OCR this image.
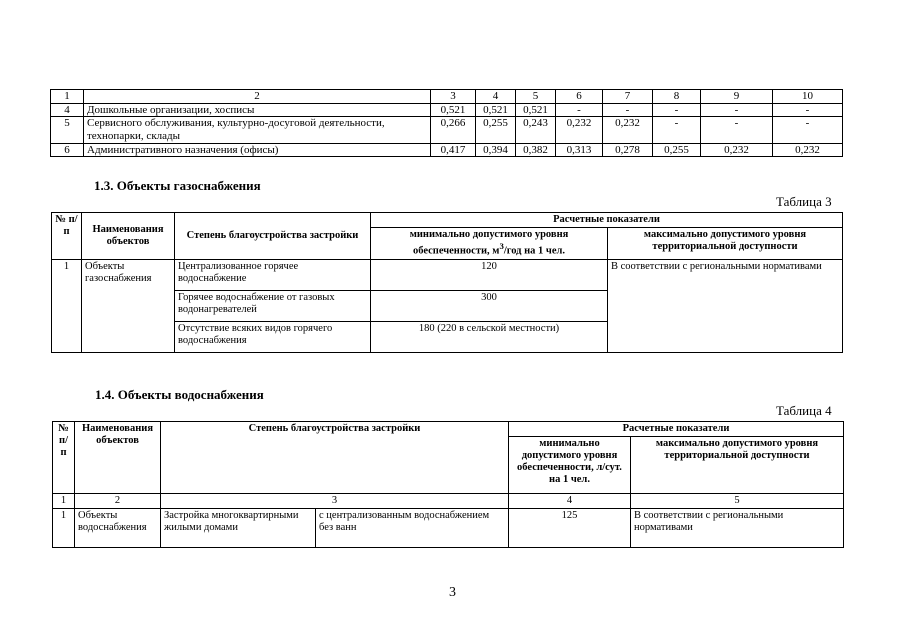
1	2	3	4	5	6	7	8	9	10
4	Дошкольные организации, хосписы	0,521	0,521	0,521	-	-	-	-	-
5	Сервисного обслуживания, культурно-досуговой деятельности, технопарки, склады	0,266	0,255	0,243	0,232	0,232	-	-	-
6	Административного назначения (офисы)	0,417	0,394	0,382	0,313	0,278	0,255	0,232	0,232
1.3. Объекты газоснабжения
Таблица 3
№ п/п	Наименования объектов	Степень благоустройства застройки	Расчетные показатели	
			минимально допустимого уровня обеспеченности, $м^3$/год на 1 чел.	максимально допустимого уровня территориальной доступности
1	Объекты газоснабжения	Централизованное горячее водоснабжение	120	В соответствии с региональными нормативами
		Горячее водоснабжение от газовых водонагревателей	300	
		Отсутствие всяких видов горячего водоснабжения	180 (220 в сельской местности)	
1.4. Объекты водоснабжения
Таблица 4
№ п/п	Наименования объектов	Степень благоустройства застройки		Расчетные показатели	
				минимально допустимого уровня обеспеченности, л/сут. на 1 чел.	максимально допустимого уровня территориальной доступности
1	2	3		4	5
1	Объекты водоснабжения	Застройка многоквартирными жилыми домами	с централизованным водоснабжением без ванн	125	В соответствии с региональными нормативами
3
